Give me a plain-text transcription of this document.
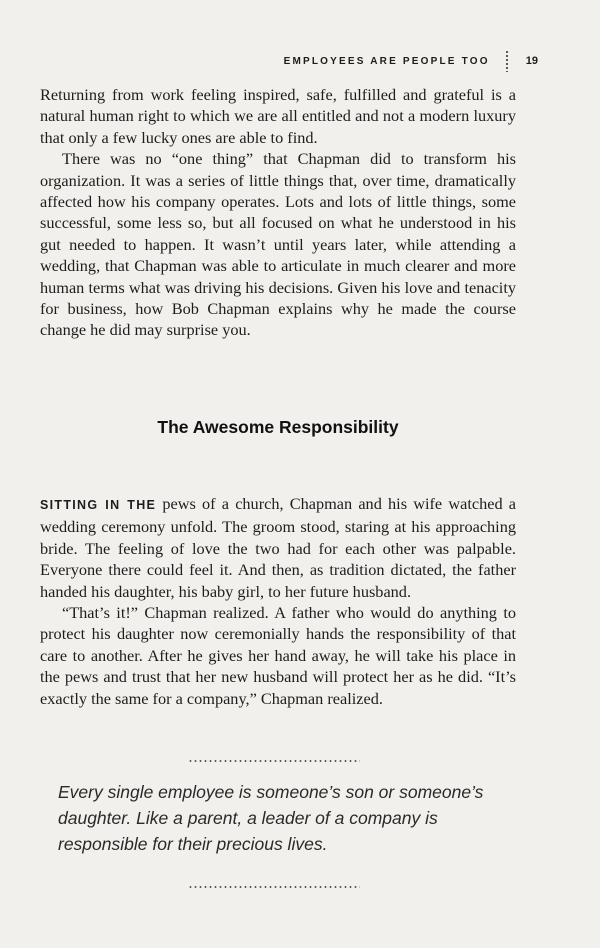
EMPLOYEES ARE PEOPLE TOO	19

Returning from work feeling inspired, safe, fulfilled and grateful is a natural human right to which we are all entitled and not a modern luxury that only a few lucky ones are able to find.

There was no “one thing” that Chapman did to transform his organization. It was a series of little things that, over time, dramatically affected how his company operates. Lots and lots of little things, some successful, some less so, but all focused on what he understood in his gut needed to happen. It wasn’t until years later, while attending a wedding, that Chapman was able to articulate in much clearer and more human terms what was driving his decisions. Given his love and tenacity for business, how Bob Chapman explains why he made the course change he did may surprise you.

The Awesome Responsibility

SITTING IN THE pews of a church, Chapman and his wife watched a wedding ceremony unfold. The groom stood, staring at his approaching bride. The feeling of love the two had for each other was palpable. Everyone there could feel it. And then, as tradition dictated, the father handed his daughter, his baby girl, to her future husband.

“That’s it!” Chapman realized. A father who would do anything to protect his daughter now ceremonially hands the responsibility of that care to another. After he gives her hand away, he will take his place in the pews and trust that her new husband will protect her as he did. “It’s exactly the same for a company,” Chapman realized.

Every single employee is someone’s son or someone’s daughter. Like a parent, a leader of a company is responsible for their precious lives.
